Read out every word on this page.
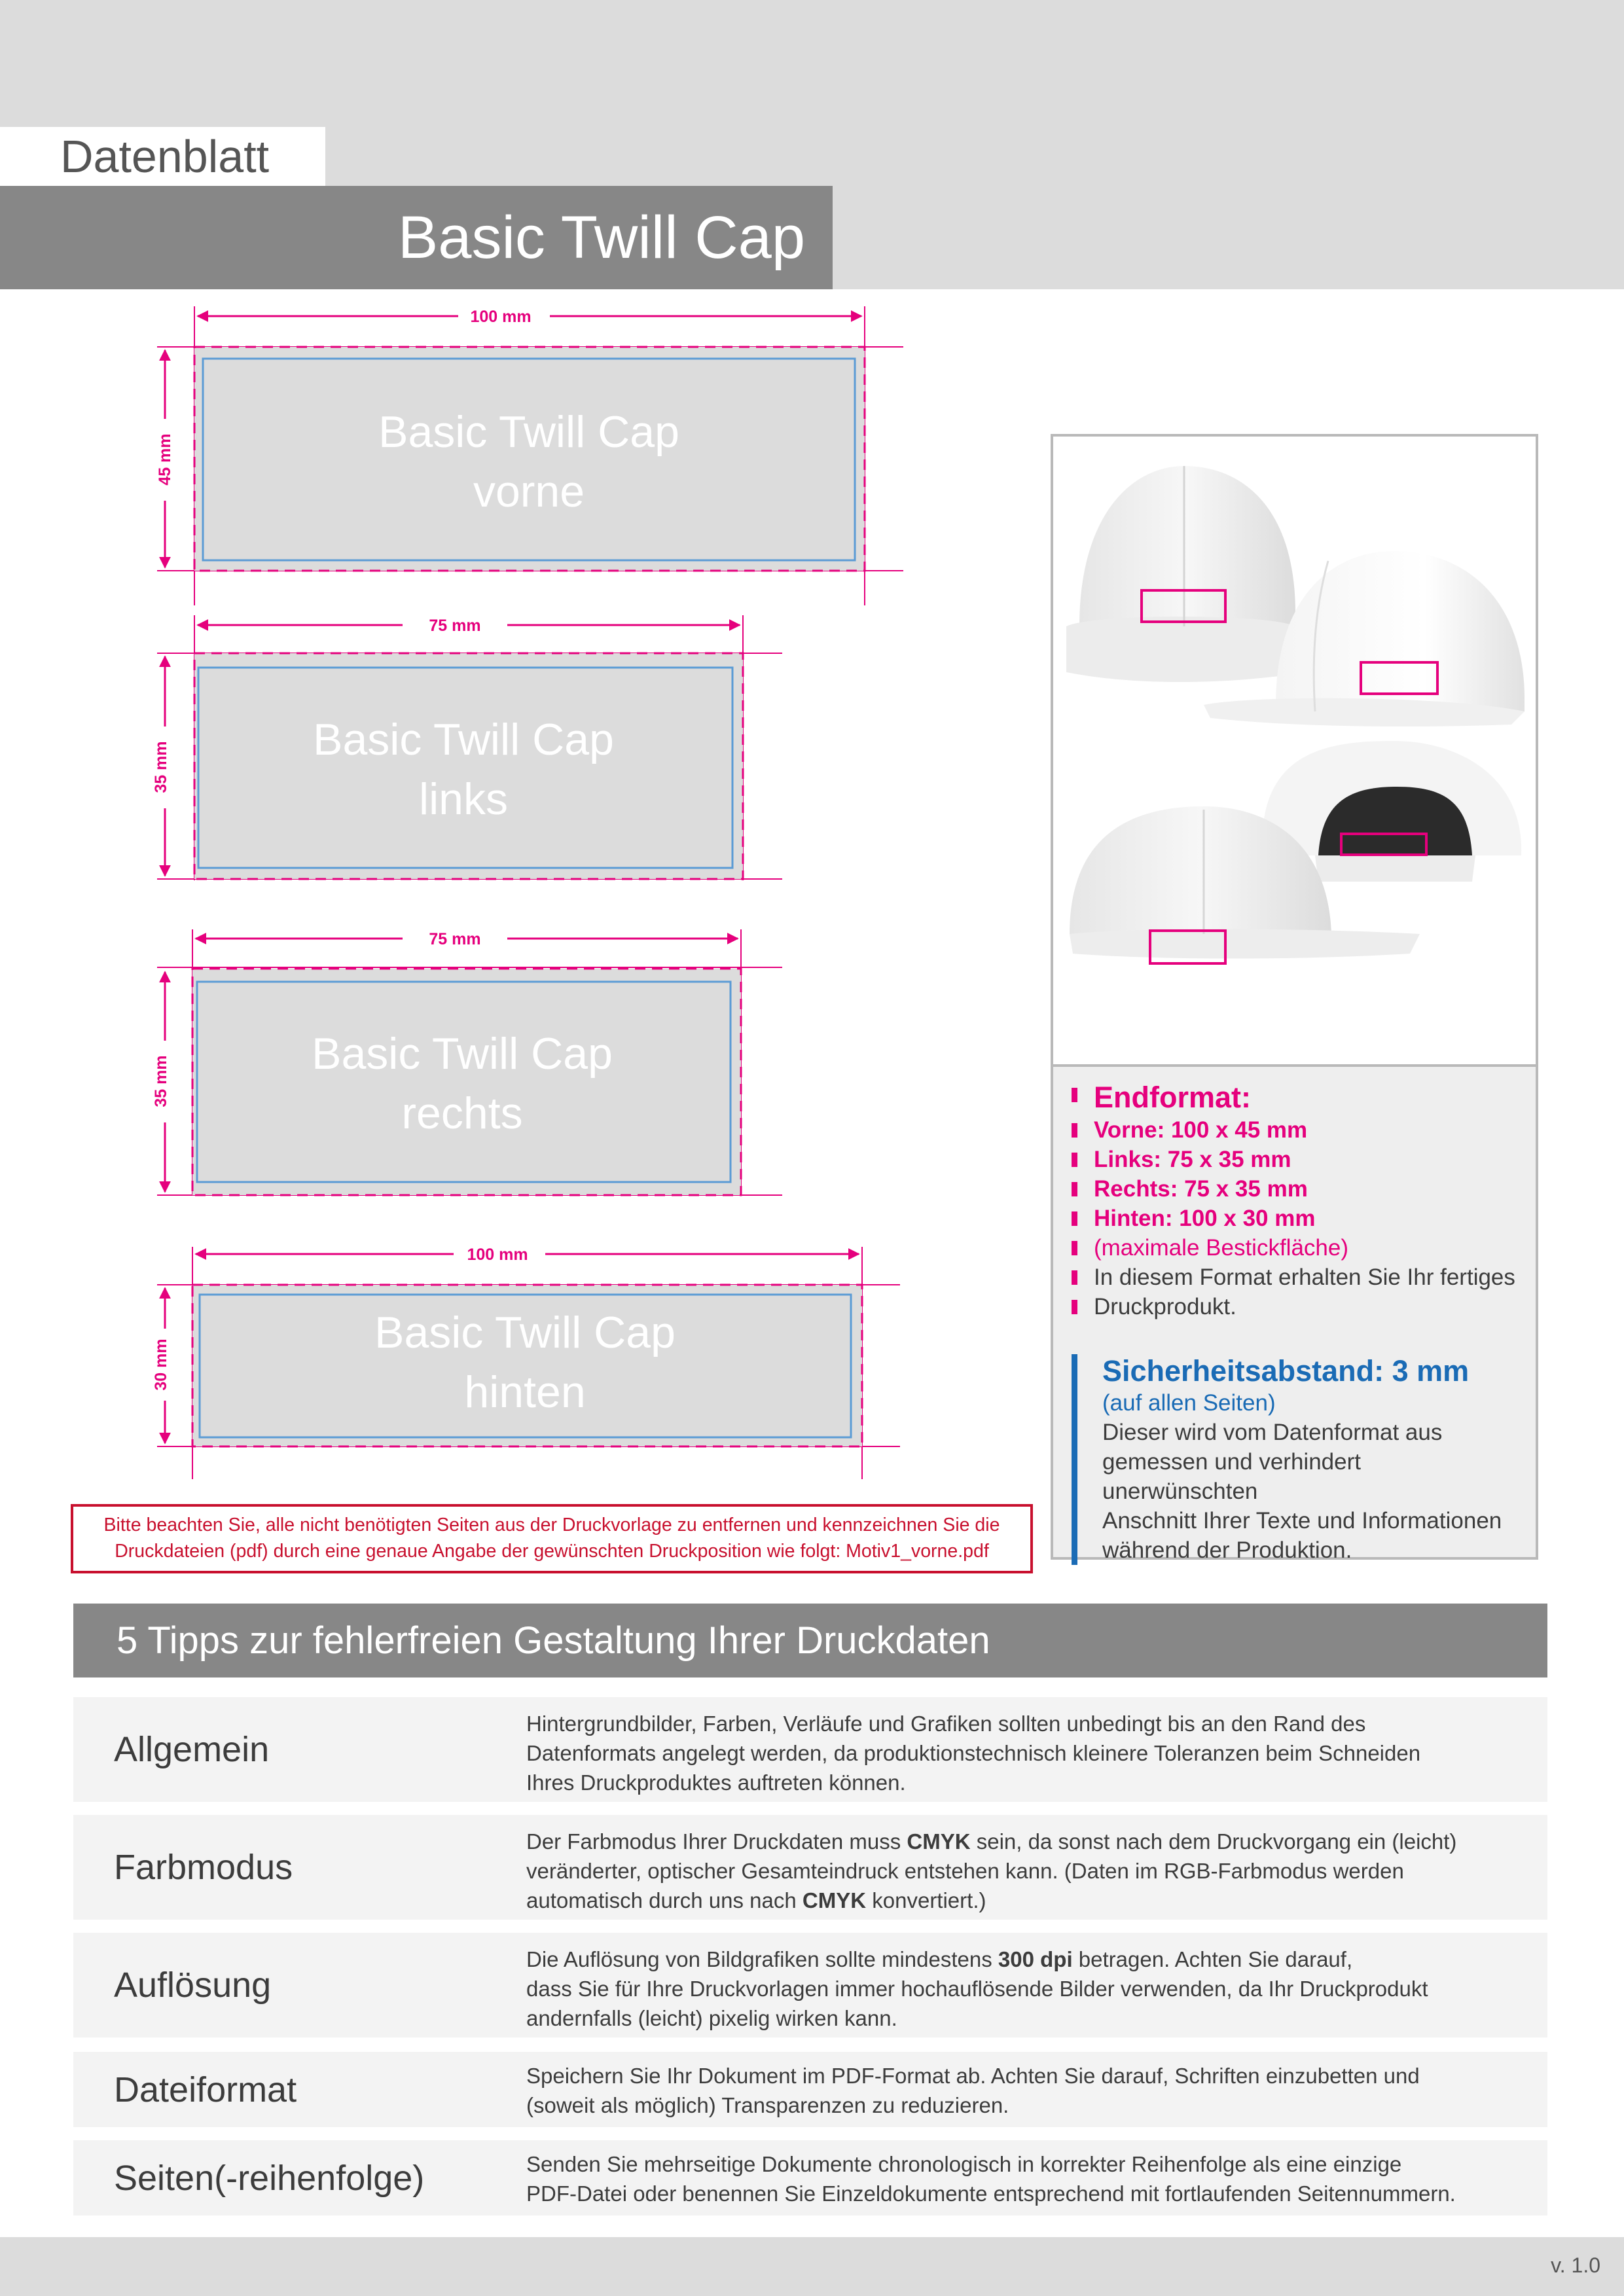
Datenblatt
Basic Twill Cap
100 mm
45 mm
Basic Twill Cap
vorne
75 mm
35 mm
Basic Twill Cap
links
75 mm
35 mm
Basic Twill Cap
rechts
100 mm
30 mm
Basic Twill Cap
hinten
Bitte beachten Sie, alle nicht benötigten Seiten aus der Druckvorlage zu entfernen und kennzeichnen Sie die
Druckdateien (pdf) durch eine genaue Angabe der gewünschten Druckposition wie folgt: Motiv1_vorne.pdf
Endformat:
Vorne: 100 x 45 mm
Links: 75 x 35 mm
Rechts: 75 x 35 mm
Hinten: 100 x 30 mm
(maximale Bestickfläche)
In diesem Format erhalten Sie Ihr fertiges
Druckprodukt.
Sicherheitsabstand: 3 mm
(auf allen Seiten)
Dieser wird vom Datenformat aus
gemessen und verhindert unerwünschten
Anschnitt Ihrer Texte und Informationen
während der Produktion.
5 Tipps zur fehlerfreien Gestaltung Ihrer Druckdaten
Allgemein
Hintergrundbilder, Farben, Verläufe und Grafiken sollten unbedingt bis an den Rand des
Datenformats angelegt werden, da produktionstechnisch kleinere Toleranzen beim Schneiden
Ihres Druckproduktes auftreten können.
Farbmodus
Der Farbmodus Ihrer Druckdaten muss CMYK sein, da sonst nach dem Druckvorgang ein (leicht)
veränderter, optischer Gesamteindruck entstehen kann. (Daten im RGB-Farbmodus werden
automatisch durch uns nach CMYK konvertiert.)
Auflösung
Die Auflösung von Bildgrafiken sollte mindestens 300 dpi betragen. Achten Sie darauf,
dass Sie für Ihre Druckvorlagen immer hochauflösende Bilder verwenden, da Ihr Druckprodukt
andernfalls (leicht) pixelig wirken kann.
Dateiformat	Speichern Sie Ihr Dokument im PDF-Format ab. Achten Sie darauf, Schriften einzubetten und
(soweit als möglich) Transparenzen zu reduzieren.
Seiten(-reihenfolge)	Senden Sie mehrseitige Dokumente chronologisch in korrekter Reihenfolge als eine einzige
PDF-Datei oder benennen Sie Einzeldokumente entsprechend mit fortlaufenden Seitennummern.
v. 1.0
